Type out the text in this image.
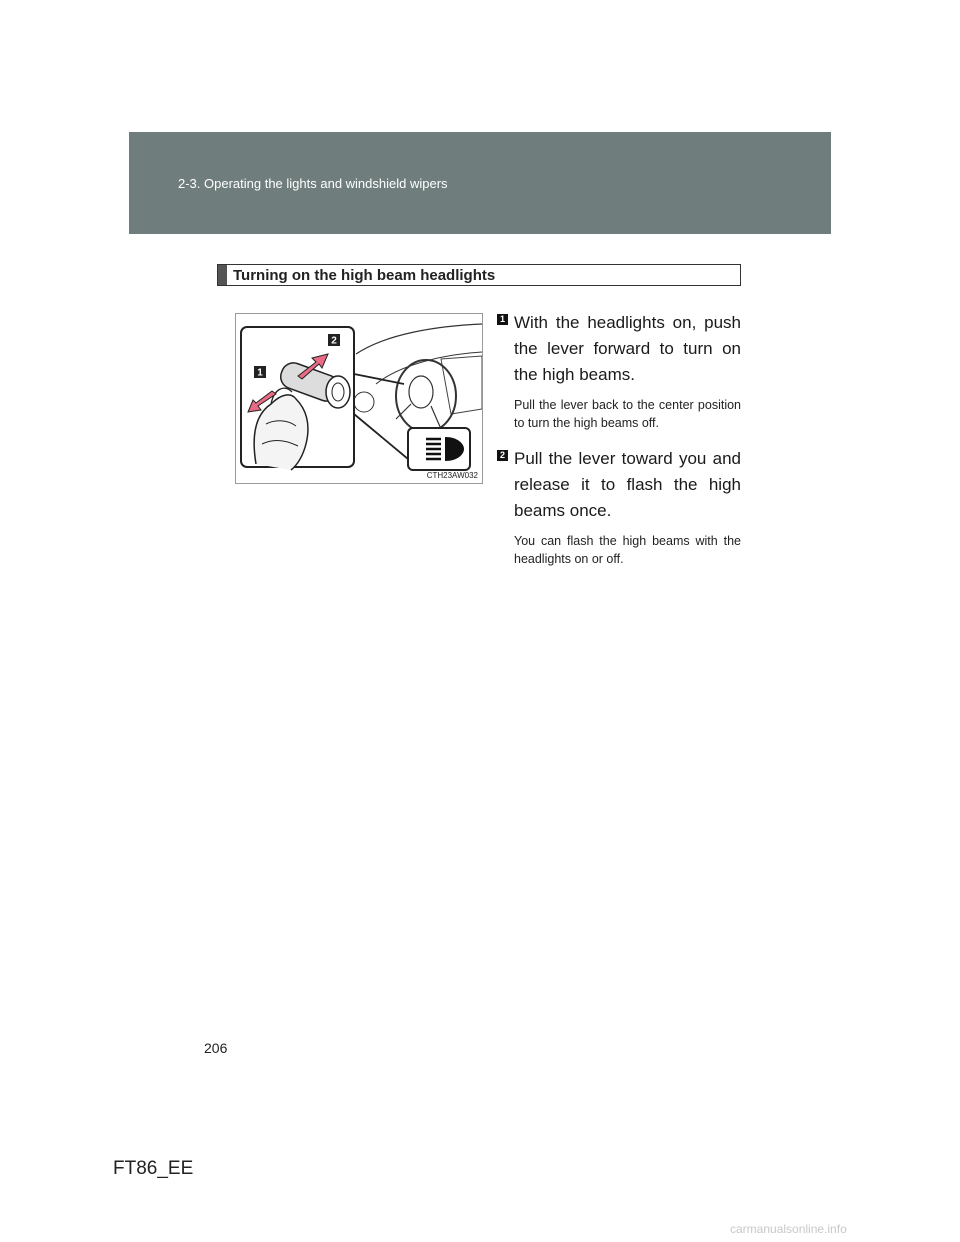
2-3. Operating the lights and windshield wipers
Turning on the high beam headlights
2
1
CTH23AW032
1 With the headlights on, push the lever forward to turn on the high beams.
Pull the lever back to the center position to turn the high beams off.
2 Pull the lever toward you and release it to flash the high beams once.
You can flash the high beams with the headlights on or off.
206
FT86_EE
carmanualsonline.info
